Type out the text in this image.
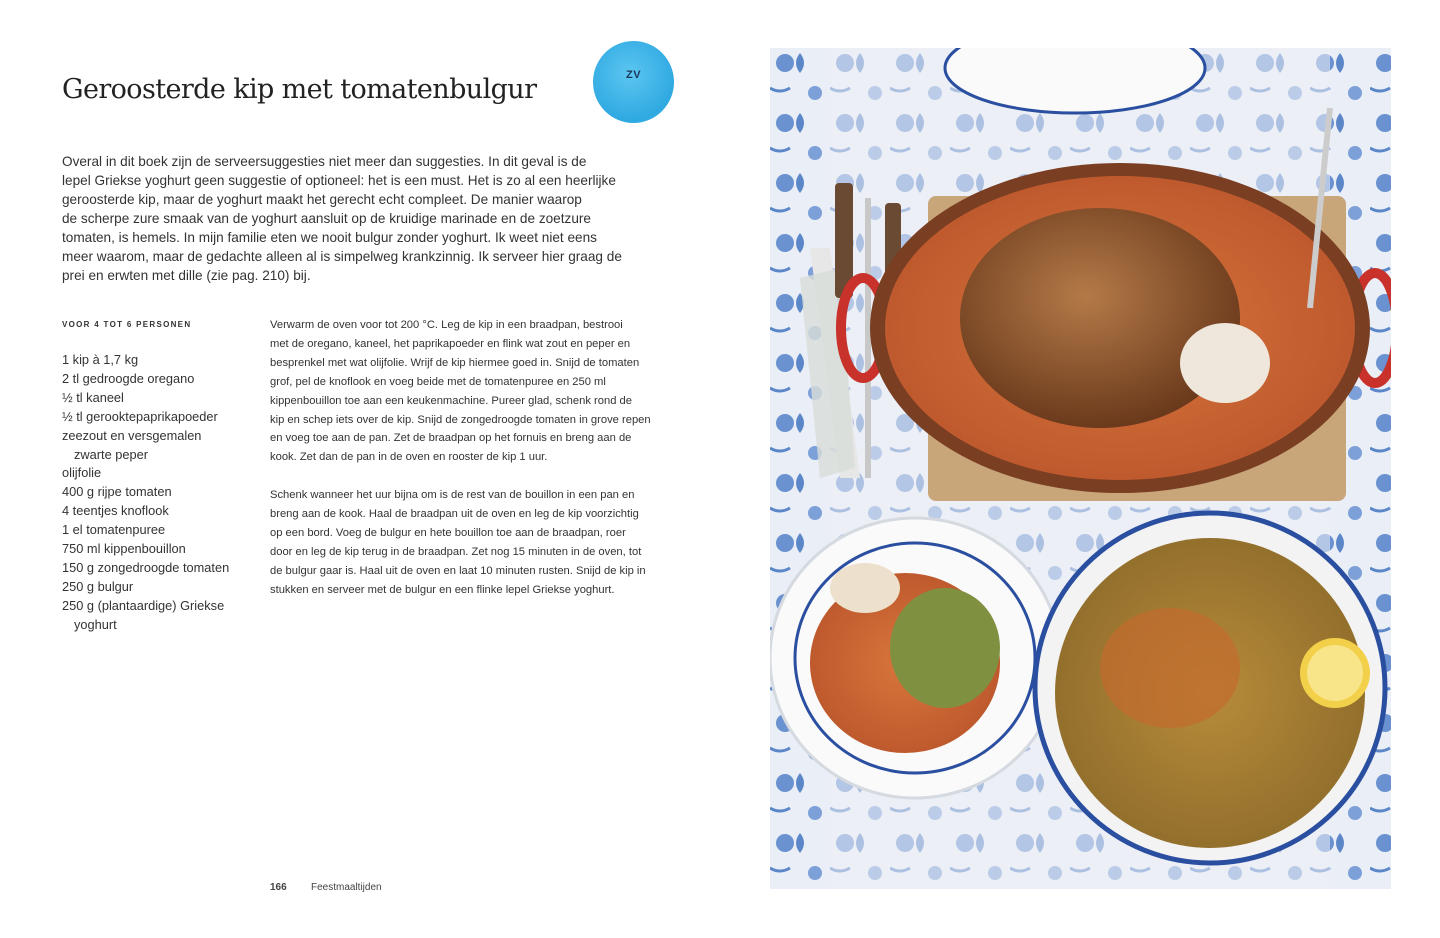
Geroosterde kip met tomatenbulgur	ZV
Overal in dit boek zijn de serveersuggesties niet meer dan suggesties. In dit geval is de
lepel Griekse yoghurt geen suggestie of optioneel: het is een must. Het is zo al een heerlijke
geroosterde kip, maar de yoghurt maakt het gerecht echt compleet. De manier waarop
de scherpe zure smaak van de yoghurt aansluit op de kruidige marinade en de zoetzure
tomaten, is hemels. In mijn familie eten we nooit bulgur zonder yoghurt. Ik weet niet eens
meer waarom, maar de gedachte alleen al is simpelweg krankzinnig. Ik serveer hier graag de
prei en erwten met dille (zie pag. 210) bij.
VOOR 4 TOT 6 PERSONEN
1 kip à 1,7 kg
2 tl gedroogde oregano
½ tl kaneel
½ tl gerooktepaprikapoeder
zeezout en versgemalen
zwarte peper
olijfolie
400 g rijpe tomaten
4 teentjes knoflook
1 el tomatenpuree
750 ml kippenbouillon
150 g zongedroogde tomaten
250 g bulgur
250 g (plantaardige) Griekse
yoghurt

Verwarm de oven voor tot 200 °C. Leg de kip in een braadpan, bestrooi
met de oregano, kaneel, het paprikapoeder en flink wat zout en peper en
besprenkel met wat olijfolie. Wrijf de kip hiermee goed in. Snijd de tomaten
grof, pel de knoflook en voeg beide met de tomatenpuree en 250 ml
kippenbouillon toe aan een keukenmachine. Pureer glad, schenk rond de
kip en schep iets over de kip. Snijd de zongedroogde tomaten in grove repen
en voeg toe aan de pan. Zet de braadpan op het fornuis en breng aan de
kook. Zet dan de pan in de oven en rooster de kip 1 uur.

Schenk wanneer het uur bijna om is de rest van de bouillon in een pan en
breng aan de kook. Haal de braadpan uit de oven en leg de kip voorzichtig
op een bord. Voeg de bulgur en hete bouillon toe aan de braadpan, roer
door en leg de kip terug in de braadpan. Zet nog 15 minuten in de oven, tot
de bulgur gaar is. Haal uit de oven en laat 10 minuten rusten. Snijd de kip in
stukken en serveer met de bulgur en een flinke lepel Griekse yoghurt.

166 Feestmaaltijden
